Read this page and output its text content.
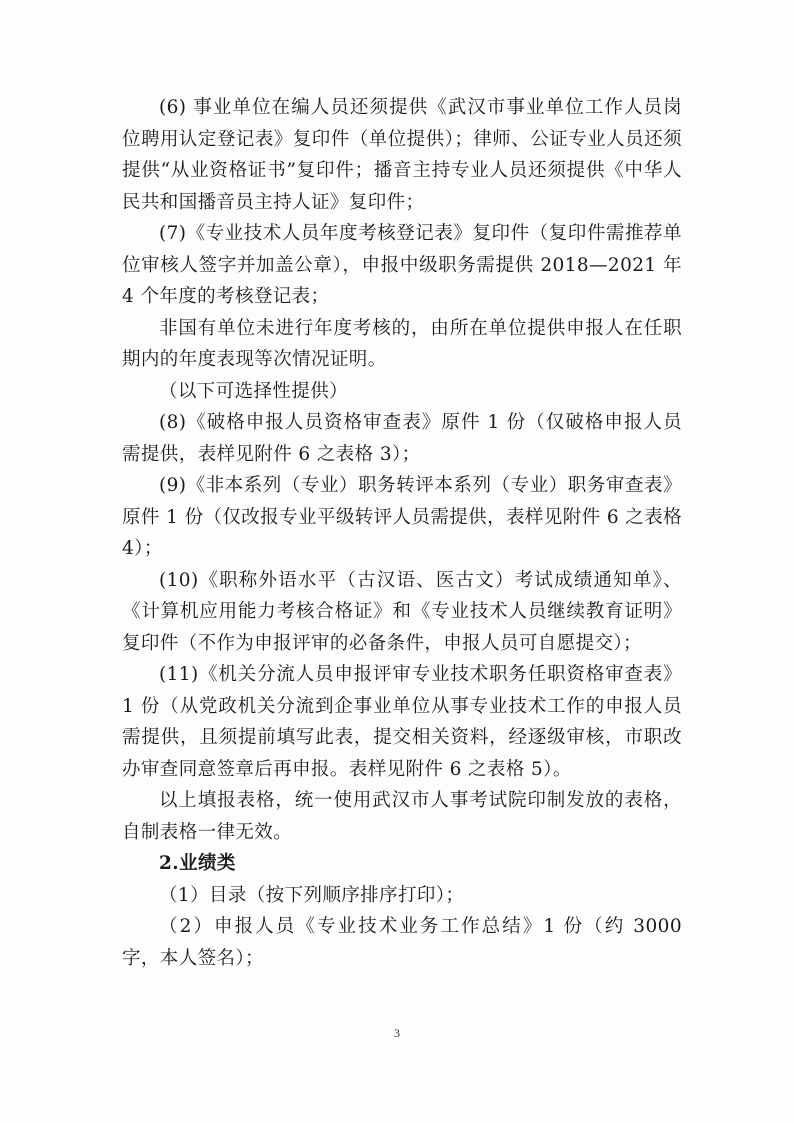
(6) 事业单位在编人员还须提供《武汉市事业单位工作人员岗位聘用认定登记表》复印件（单位提供）；律师、公证专业人员还须提供“从业资格证书”复印件；播音主持专业人员还须提供《中华人民共和国播音员主持人证》复印件；

(7)《专业技术人员年度考核登记表》复印件（复印件需推荐单位审核人签字并加盖公章），申报中级职务需提供 2018—2021 年 4 个年度的考核登记表；

非国有单位未进行年度考核的，由所在单位提供申报人在任职期内的年度表现等次情况证明。

（以下可选择性提供）

(8)《破格申报人员资格审查表》原件 1 份（仅破格申报人员需提供，表样见附件 6 之表格 3）；

(9)《非本系列（专业）职务转评本系列（专业）职务审查表》原件 1 份（仅改报专业平级转评人员需提供，表样见附件 6 之表格 4）；

(10)《职称外语水平（古汉语、医古文）考试成绩通知单》、《计算机应用能力考核合格证》和《专业技术人员继续教育证明》复印件（不作为申报评审的必备条件，申报人员可自愿提交）；

(11)《机关分流人员申报评审专业技术职务任职资格审查表》1 份（从党政机关分流到企事业单位从事专业技术工作的申报人员需提供，且须提前填写此表，提交相关资料，经逐级审核，市职改办审查同意签章后再申报。表样见附件 6 之表格 5）。

以上填报表格，统一使用武汉市人事考试院印制发放的表格，自制表格一律无效。

2.业绩类

（1）目录（按下列顺序排序打印）；

（2）申报人员《专业技术业务工作总结》1 份（约 3000 字，本人签名）；

3
